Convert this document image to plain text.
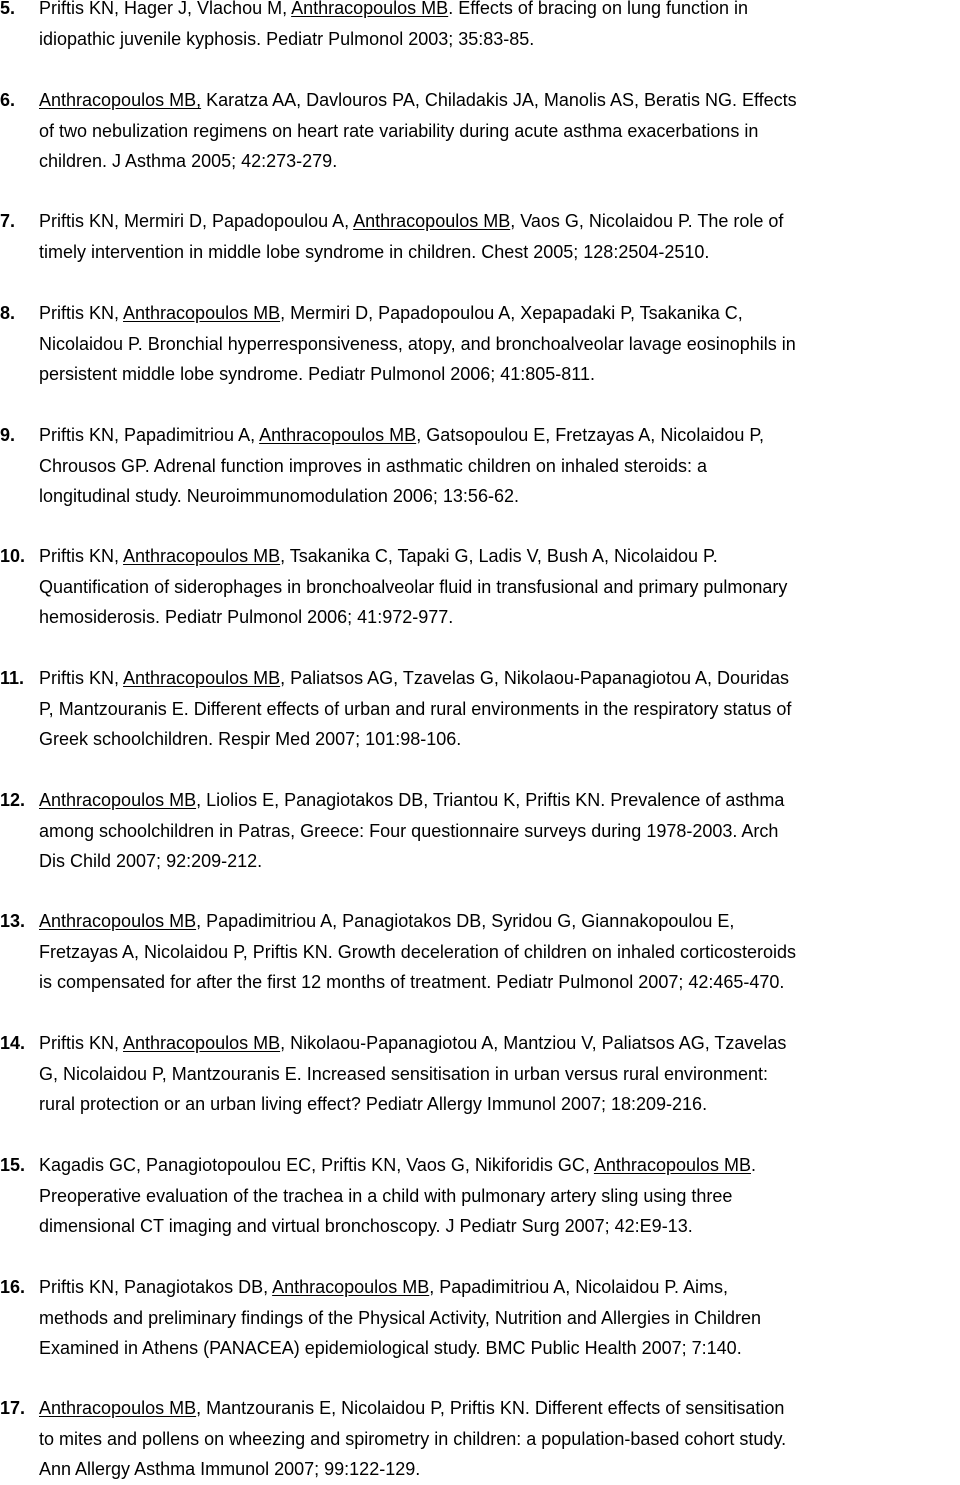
5. Priftis KN, Hager J, Vlachou M, Anthracopoulos MB. Effects of bracing on lung function in
idiopathic juvenile kyphosis. Pediatr Pulmonol 2003; 35:83-85.
6. Anthracopoulos MB, Karatza AA, Davlouros PA, Chiladakis JA, Manolis AS, Beratis NG. Effects
of two nebulization regimens on heart rate variability during acute asthma exacerbations in
children. J Asthma 2005; 42:273-279.
7. Priftis KN, Mermiri D, Papadopoulou A, Anthracopoulos MB, Vaos G, Nicolaidou P. The role of
timely intervention in middle lobe syndrome in children. Chest 2005; 128:2504-2510.
8. Priftis KN, Anthracopoulos MB, Mermiri D, Papadopoulou A, Xepapadaki P, Tsakanika C,
Nicolaidou P. Bronchial hyperresponsiveness, atopy, and bronchoalveolar lavage eosinophils in
persistent middle lobe syndrome. Pediatr Pulmonol 2006; 41:805-811.
9. Priftis KN, Papadimitriou A, Anthracopoulos MB, Gatsopoulou E, Fretzayas A, Nicolaidou P,
Chrousos GP. Adrenal function improves in asthmatic children on inhaled steroids: a
longitudinal study. Neuroimmunomodulation 2006; 13:56-62.
10. Priftis KN, Anthracopoulos MB, Tsakanika C, Tapaki G, Ladis V, Bush A, Nicolaidou P.
Quantification of siderophages in bronchoalveolar fluid in transfusional and primary pulmonary
hemosiderosis. Pediatr Pulmonol 2006; 41:972-977.
11. Priftis KN, Anthracopoulos MB, Paliatsos AG, Tzavelas G, Nikolaou-Papanagiotou A, Douridas
P, Mantzouranis E. Different effects of urban and rural environments in the respiratory status of
Greek schoolchildren. Respir Med 2007; 101:98-106.
12. Anthracopoulos MB, Liolios E, Panagiotakos DB, Triantou K, Priftis KN. Prevalence of asthma
among schoolchildren in Patras, Greece: Four questionnaire surveys during 1978-2003. Arch
Dis Child 2007; 92:209-212.
13. Anthracopoulos MB, Papadimitriou A, Panagiotakos DB, Syridou G, Giannakopoulou E,
Fretzayas A, Nicolaidou P, Priftis KN. Growth deceleration of children on inhaled corticosteroids
is compensated for after the first 12 months of treatment. Pediatr Pulmonol 2007; 42:465-470.
14. Priftis KN, Anthracopoulos MB, Nikolaou-Papanagiotou A, Mantziou V, Paliatsos AG, Tzavelas
G, Nicolaidou P, Mantzouranis E. Increased sensitisation in urban versus rural environment:
rural protection or an urban living effect? Pediatr Allergy Immunol 2007; 18:209-216.
15. Kagadis GC, Panagiotopoulou EC, Priftis KN, Vaos G, Nikiforidis GC, Anthracopoulos MB.
Preoperative evaluation of the trachea in a child with pulmonary artery sling using three
dimensional CT imaging and virtual bronchoscopy. J Pediatr Surg 2007; 42:E9-13.
16. Priftis KN, Panagiotakos DB, Anthracopoulos MB, Papadimitriou A, Nicolaidou P. Aims,
methods and preliminary findings of the Physical Activity, Nutrition and Allergies in Children
Examined in Athens (PANACEA) epidemiological study. BMC Public Health 2007; 7:140.
17. Anthracopoulos MB, Mantzouranis E, Nicolaidou P, Priftis KN. Different effects of sensitisation
to mites and pollens on wheezing and spirometry in children: a population-based cohort study.
Ann Allergy Asthma Immunol 2007; 99:122-129.
